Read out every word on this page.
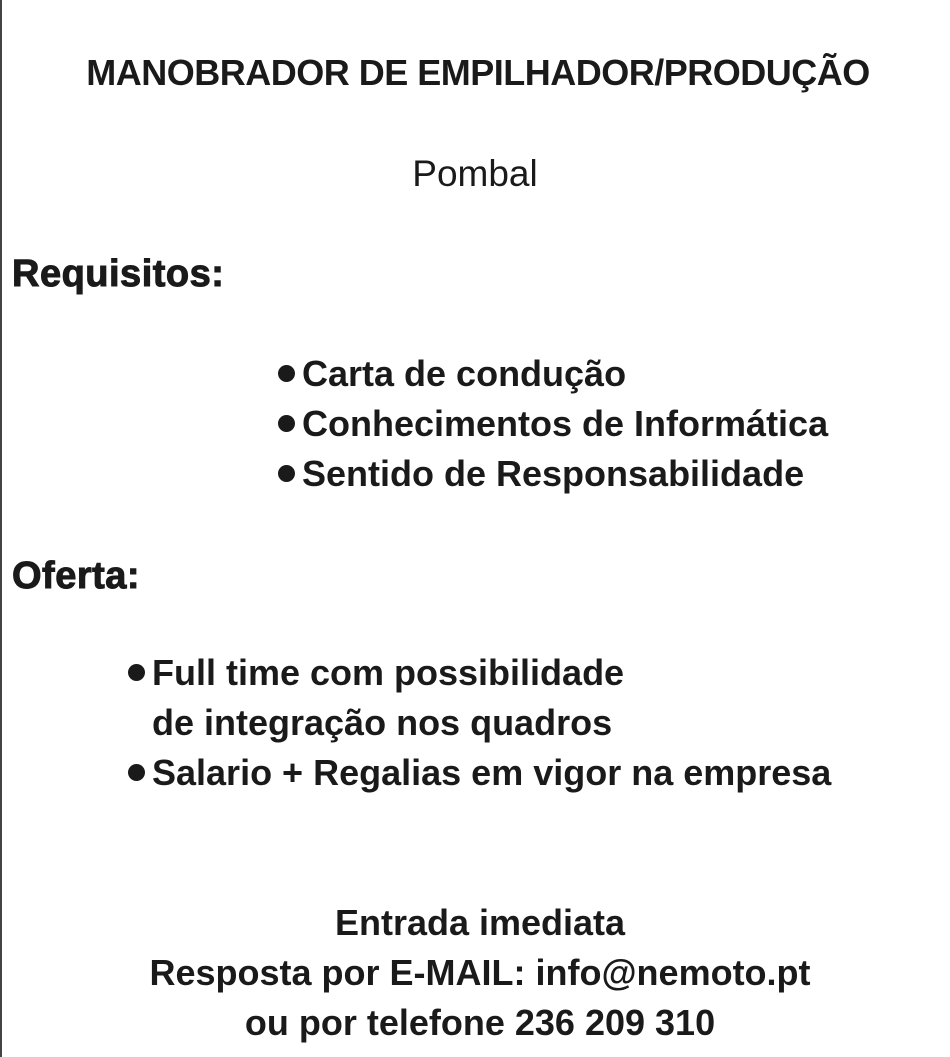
MANOBRADOR DE EMPILHADOR/PRODUÇÃO
Pombal
Requisitos:
Carta de condução
Conhecimentos de Informática
Sentido de Responsabilidade
Oferta:
Full time com possibilidade
de integração nos quadros
Salario + Regalias em vigor na empresa
Entrada imediata
Resposta por E-MAIL: info@nemoto.pt
ou por telefone 236 209 310
